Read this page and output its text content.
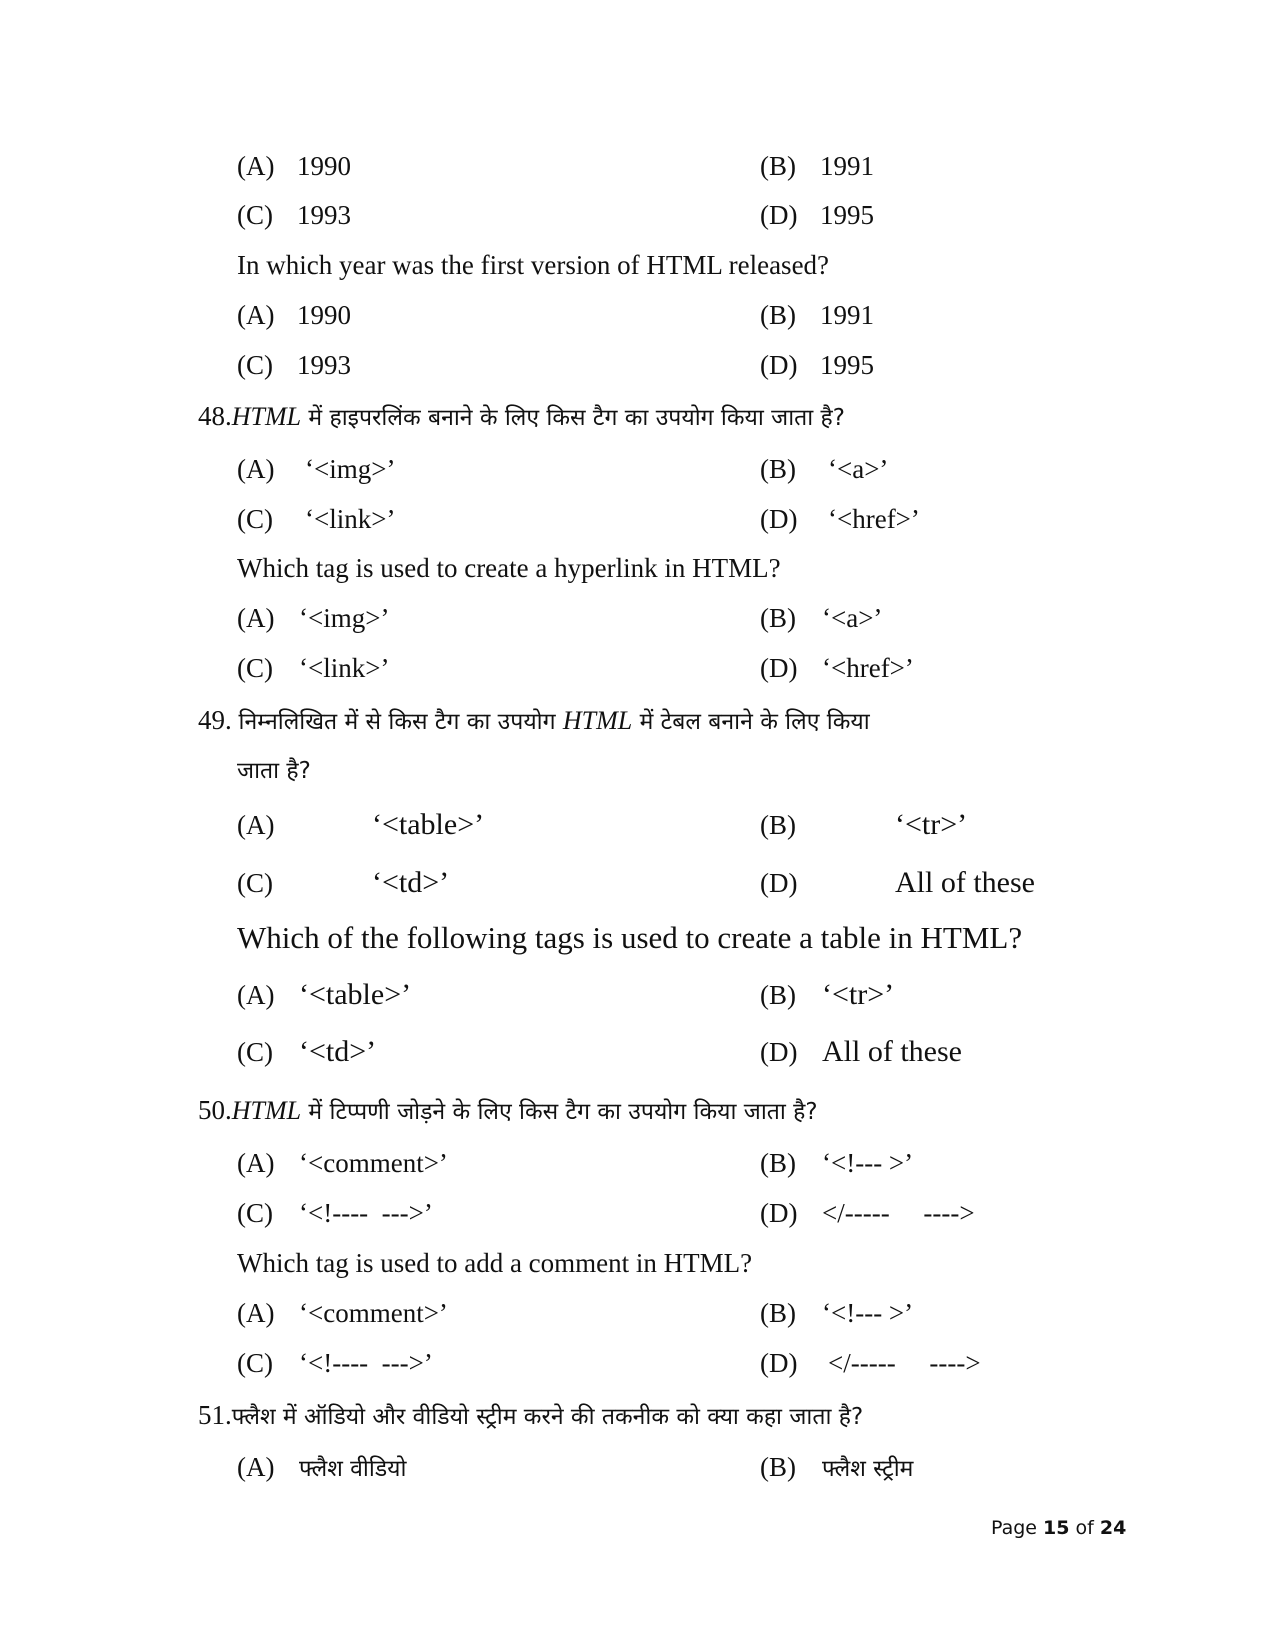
(A) 1990	(B) 1991
(C) 1993	(D) 1995
In which year was the first version of HTML released?
(A) 1990	(B) 1991
(C) 1993	(D) 1995
48.HTML में हाइपरलिंक बनाने के लिए किस टैग का उपयोग किया जाता है?
(A) ‘<img>’	(B) ‘<a>’
(C) ‘<link>’	(D) ‘<href>’
Which tag is used to create a hyperlink in HTML?
(A) ‘<img>’	(B) ‘<a>’
(C) ‘<link>’	(D) ‘<href>’
49. निम्नलिखित में से किस टैग का उपयोग HTML में टेबल बनाने के लिए किया
जाता है?
(A)	‘<table>’	(B)	‘<tr>’
(C)	‘<td>’	(D)	All of these
Which of the following tags is used to create a table in HTML?
(A) ‘<table>’	(B) ‘<tr>’
(C) ‘<td>’	(D) All of these
50.HTML में टिप्पणी जोड़ने के लिए किस टैग का उपयोग किया जाता है?
(A) ‘<comment>’	(B) ‘<!--- >’
(C) ‘<!----  --->’	(D) </-----     ---->
Which tag is used to add a comment in HTML?
(A) ‘<comment>’	(B) ‘<!--- >’
(C) ‘<!----  --->’	(D) </-----     ---->
51.फ्लैश में ऑडियो और वीडियो स्ट्रीम करने की तकनीक को क्या कहा जाता है?
(A) फ्लैश वीडियो	(B) फ्लैश स्ट्रीम
Page 15 of 24
